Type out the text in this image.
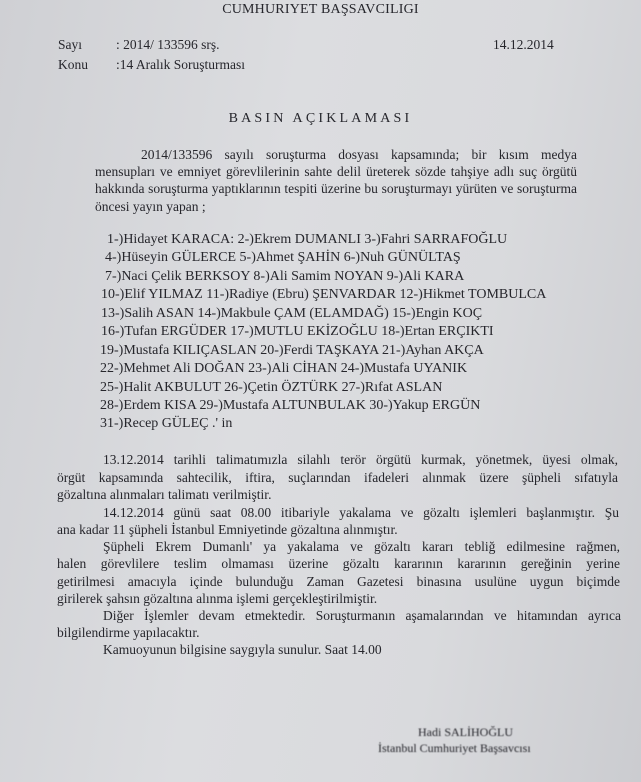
CUMHURIYET BAŞSAVCILIGI
Sayı	: 2014/ 133596 srş.	14.12.2014
Konu :14 Aralık Soruşturması
BASIN AÇIKLAMASI
2014/133596 sayılı soruşturma dosyası kapsamında; bir kısım medya
mensupları ve emniyet görevlilerinin sahte delil üreterek sözde tahşiye adlı suç örgütü
hakkında soruşturma yaptıklarının tespiti üzerine bu soruşturmayı yürüten ve soruşturma
öncesi yayın yapan ;
1-)Hidayet KARACA: 2-)Ekrem DUMANLI 3-)Fahri SARRAFOĞLU
4-)Hüseyin GÜLERCE 5-)Ahmet ŞAHİN 6-)Nuh GÜNÜLTAŞ
7-)Naci Çelik BERKSOY 8-)Ali Samim NOYAN 9-)Ali KARA
10-)Elif YILMAZ 11-)Radiye (Ebru) ŞENVARDAR 12-)Hikmet TOMBULCA
13-)Salih ASAN 14-)Makbule ÇAM (ELAMDAĞ) 15-)Engin KOÇ
16-)Tufan ERGÜDER 17-)MUTLU EKİZOĞLU 18-)Ertan ERÇIKTI
19-)Mustafa KILIÇASLAN 20-)Ferdi TAŞKAYA 21-)Ayhan AKÇA
22-)Mehmet Ali DOĞAN 23-)Ali CİHAN 24-)Mustafa UYANIK
25-)Halit AKBULUT 26-)Çetin ÖZTÜRK 27-)Rıfat ASLAN
28-)Erdem KISA 29-)Mustafa ALTUNBULAK 30-)Yakup ERGÜN
31-)Recep GÜLEÇ .' in
13.12.2014 tarihli talimatımızla silahlı terör örgütü kurmak, yönetmek, üyesi olmak,
örgüt kapsamında sahtecilik, iftira, suçlarından ifadeleri alınmak üzere şüpheli sıfatıyla
gözaltına alınmaları talimatı verilmiştir.
14.12.2014 günü saat 08.00 itibariyle yakalama ve gözaltı işlemleri başlanmıştır. Şu
ana kadar 11 şüpheli İstanbul Emniyetinde gözaltına alınmıştır.
Şüpheli Ekrem Dumanlı' ya yakalama ve gözaltı kararı tebliğ edilmesine rağmen,
halen görevlilere teslim olmaması üzerine gözaltı kararının kararının gereğinin yerine
getirilmesi amacıyla içinde bulunduğu Zaman Gazetesi binasına usulüne uygun biçimde
girilerek şahsın gözaltına alınma işlemi gerçekleştirilmiştir.
Diğer İşlemler devam etmektedir. Soruşturmanın aşamalarından ve hitamından ayrıca
bilgilendirme yapılacaktır.
Kamuoyunun bilgisine saygıyla sunulur. Saat 14.00
Hadi SALİHOĞLU
İstanbul Cumhuriyet Başsavcısı
